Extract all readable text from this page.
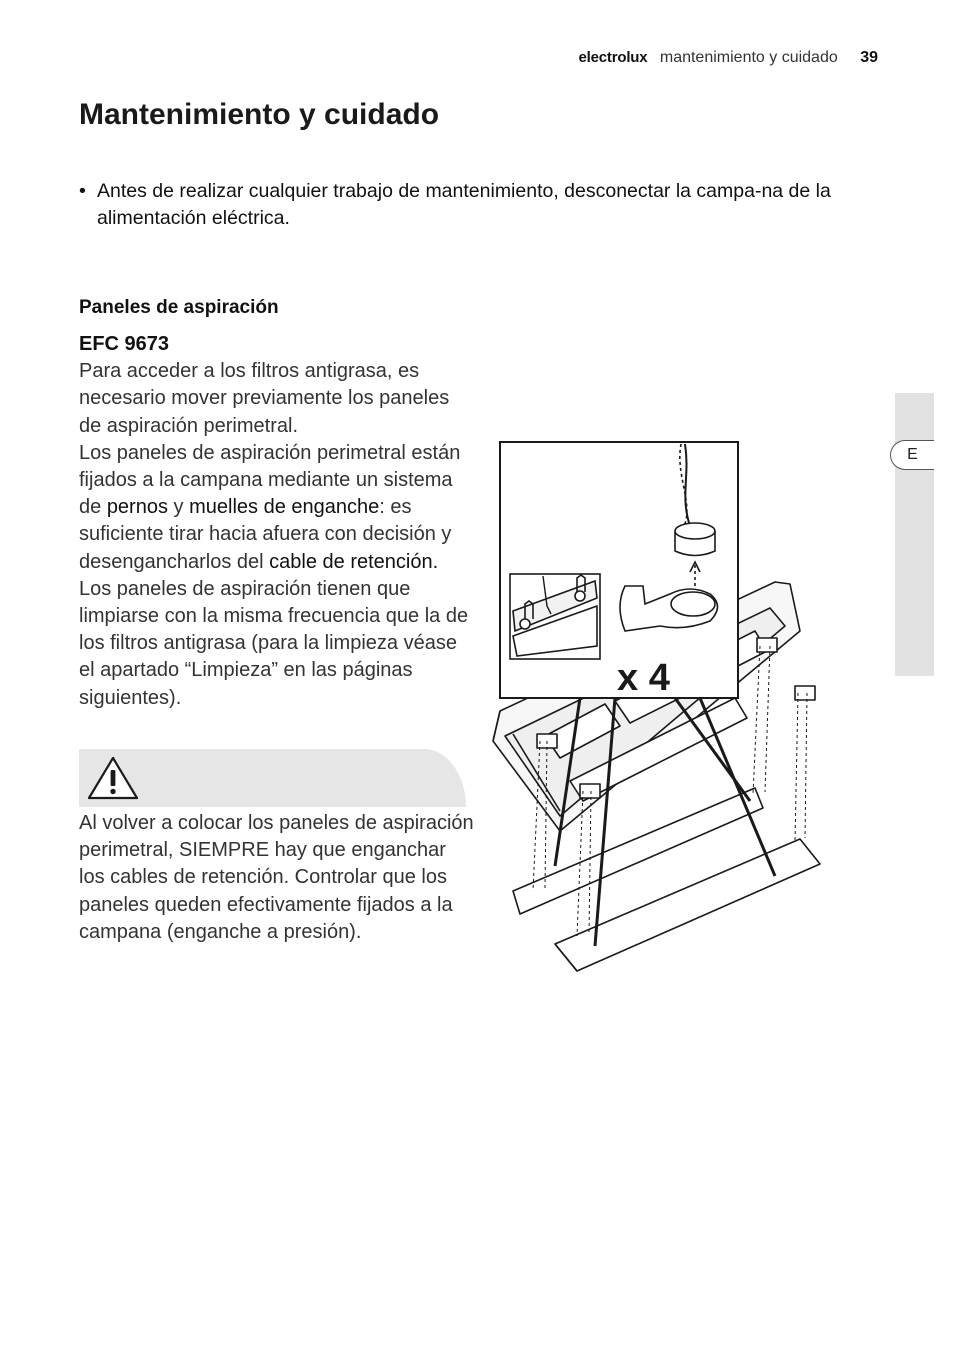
electrolux mantenimiento y cuidado 39
Mantenimiento y cuidado
• Antes de realizar cualquier trabajo de mantenimiento, desconectar la campa-na de la alimentación eléctrica.
Paneles de aspiración
EFC 9673

Para acceder a los filtros antigrasa, es necesario mover previamente los paneles de aspiración perimetral.

Los paneles de aspiración perimetral están fijados a la campana mediante un sistema de pernos y muelles de enganche: es suficiente tirar hacia afuera con decisión y desengancharlos del cable de retención.

Los paneles de aspiración tienen que limpiarse con la misma frecuencia que la de los filtros antigrasa (para la limpieza véase el apartado “Limpieza” en las páginas siguientes).

Al volver a colocar los paneles de aspiración perimetral, SIEMPRE hay que enganchar los cables de retención. Controlar que los paneles queden efectivamente fijados a la campana (enganche a presión).

E
x 4
